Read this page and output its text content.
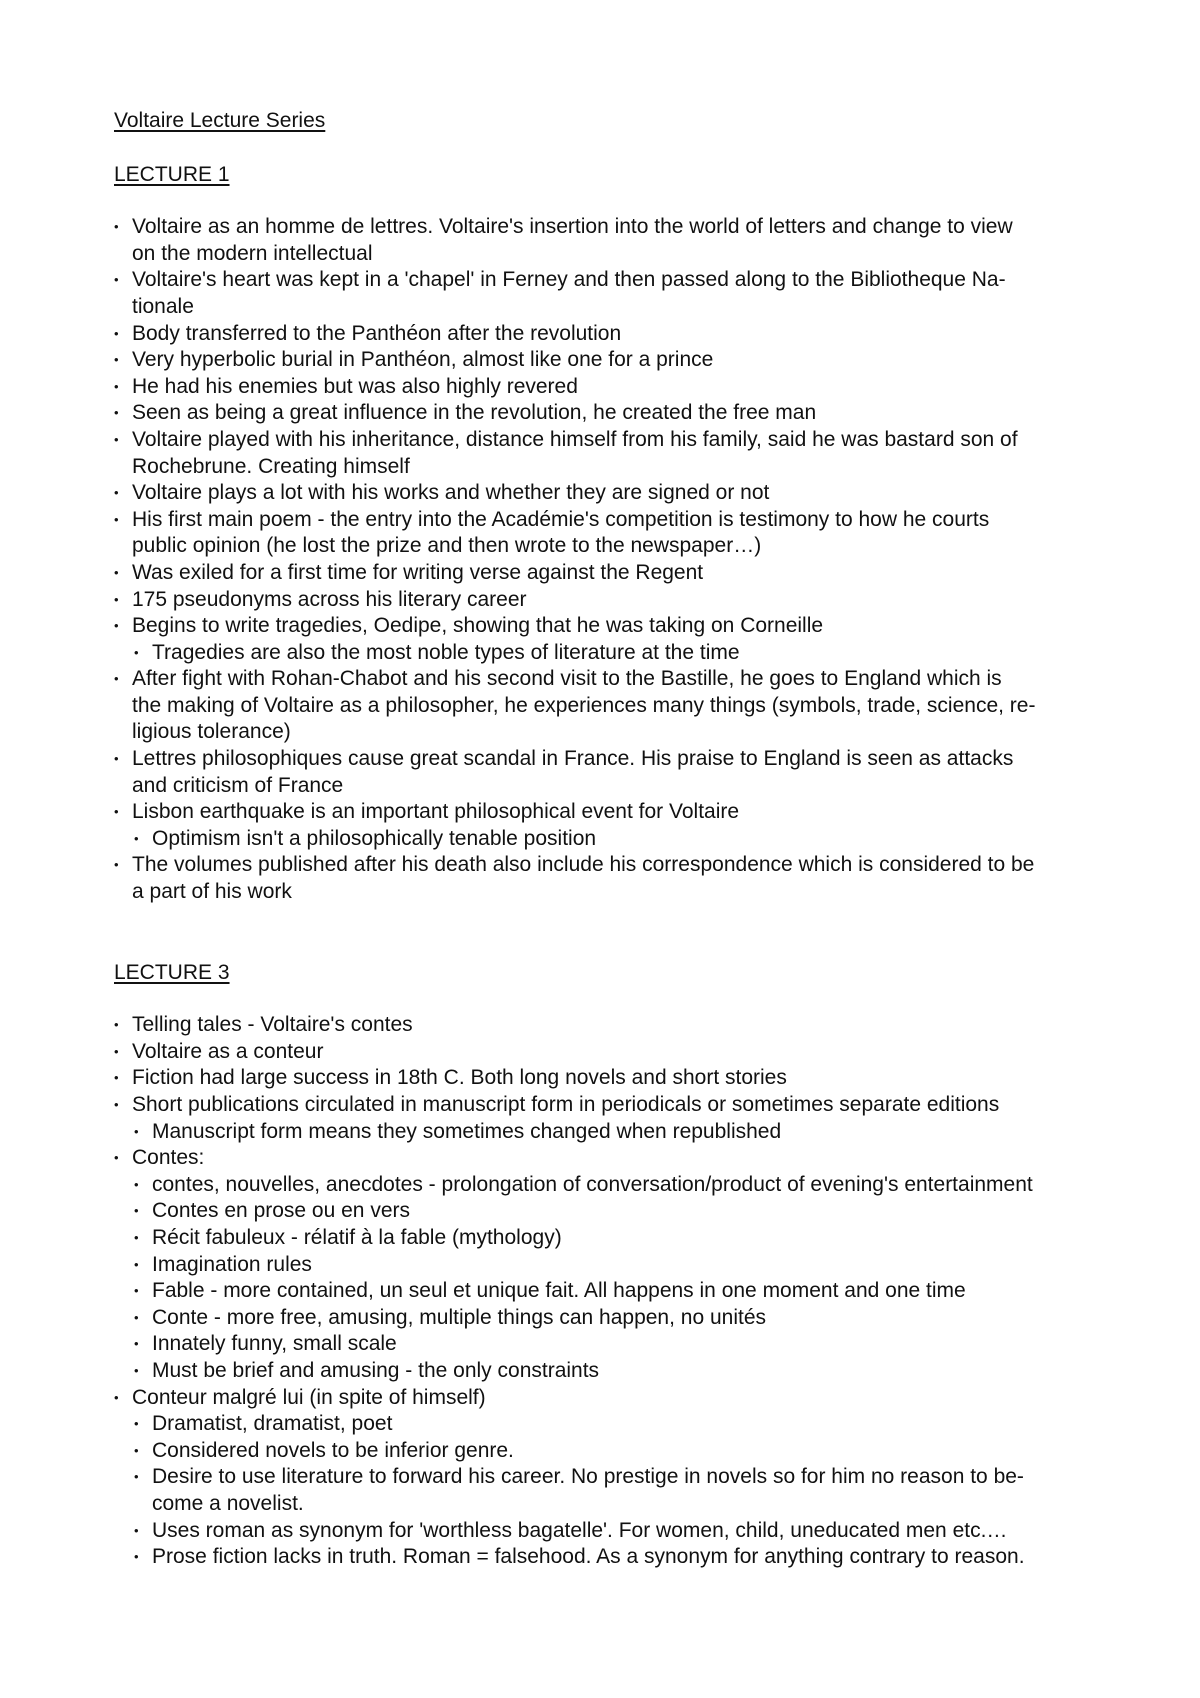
Voltaire Lecture Series
LECTURE 1
• Voltaire as an homme de lettres. Voltaire's insertion into the world of letters and change to view
on the modern intellectual
• Voltaire's heart was kept in a 'chapel' in Ferney and then passed along to the Bibliotheque Na-
tionale
• Body transferred to the Panthéon after the revolution
• Very hyperbolic burial in Panthéon, almost like one for a prince
• He had his enemies but was also highly revered
• Seen as being a great influence in the revolution, he created the free man
• Voltaire played with his inheritance, distance himself from his family, said he was bastard son of
Rochebrune. Creating himself
• Voltaire plays a lot with his works and whether they are signed or not
• His first main poem - the entry into the Académie's competition is testimony to how he courts
public opinion (he lost the prize and then wrote to the newspaper…)
• Was exiled for a first time for writing verse against the Regent
• 175 pseudonyms across his literary career
• Begins to write tragedies, Oedipe, showing that he was taking on Corneille
• Tragedies are also the most noble types of literature at the time
• After fight with Rohan-Chabot and his second visit to the Bastille, he goes to England which is
the making of Voltaire as a philosopher, he experiences many things (symbols, trade, science, re-
ligious tolerance)
• Lettres philosophiques cause great scandal in France. His praise to England is seen as attacks
and criticism of France
• Lisbon earthquake is an important philosophical event for Voltaire
• Optimism isn't a philosophically tenable position
• The volumes published after his death also include his correspondence which is considered to be
a part of his work
LECTURE 3
• Telling tales - Voltaire's contes
• Voltaire as a conteur
• Fiction had large success in 18th C. Both long novels and short stories
• Short publications circulated in manuscript form in periodicals or sometimes separate editions
• Manuscript form means they sometimes changed when republished
• Contes:
• contes, nouvelles, anecdotes - prolongation of conversation/product of evening's entertainment
• Contes en prose ou en vers
• Récit fabuleux - rélatif à la fable (mythology)
• Imagination rules
• Fable - more contained, un seul et unique fait. All happens in one moment and one time
• Conte - more free, amusing, multiple things can happen, no unités
• Innately funny, small scale
• Must be brief and amusing - the only constraints
• Conteur malgré lui (in spite of himself)
• Dramatist, dramatist, poet
• Considered novels to be inferior genre.
• Desire to use literature to forward his career. No prestige in novels so for him no reason to be-
come a novelist.
• Uses roman as synonym for 'worthless bagatelle'. For women, child, uneducated men etc.…
• Prose fiction lacks in truth. Roman = falsehood. As a synonym for anything contrary to reason.
